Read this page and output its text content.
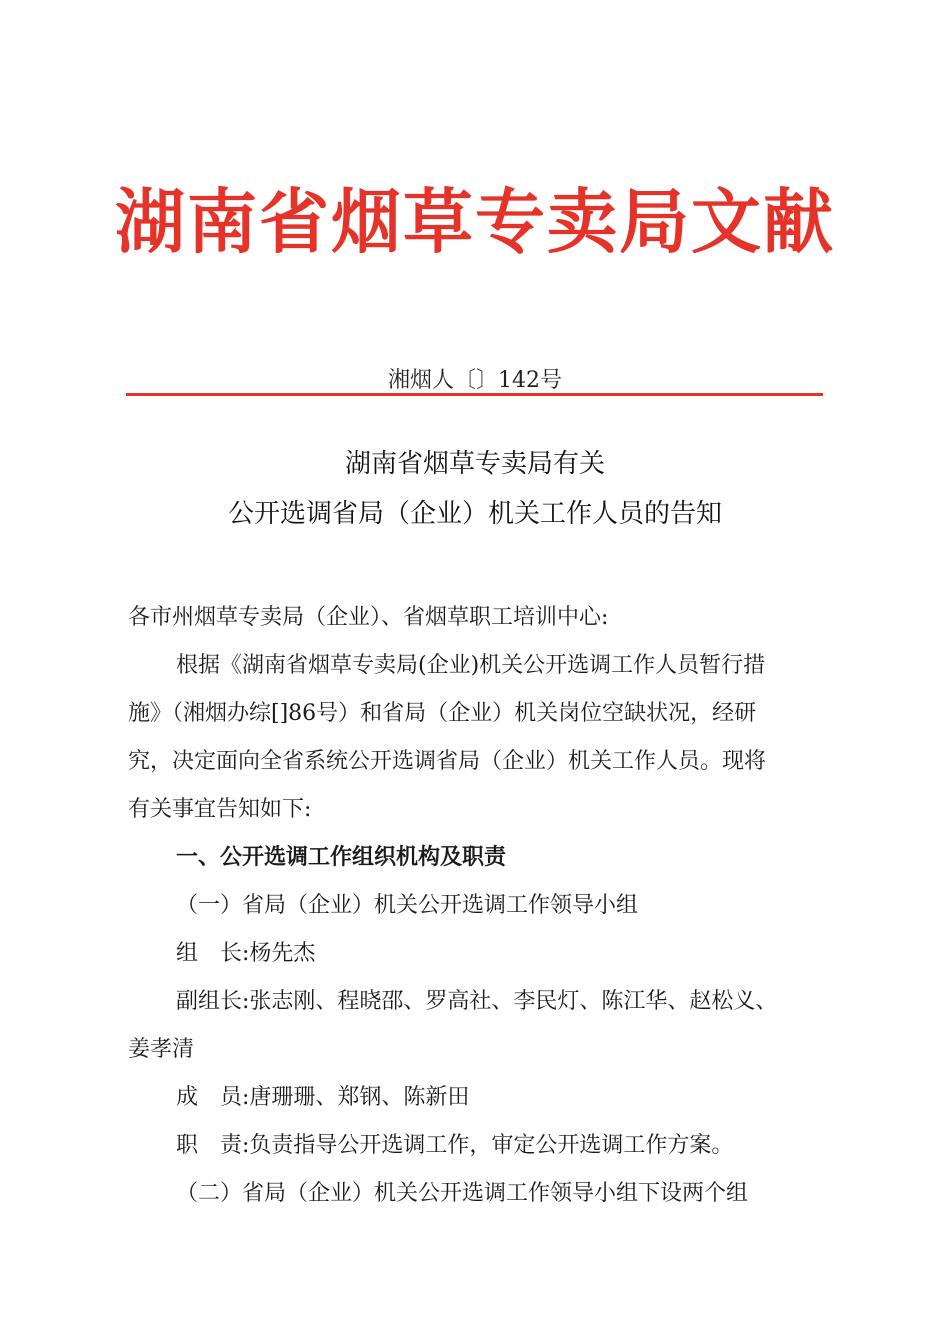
湖南省烟草专卖局文献
湘烟人〔〕142号
湖南省烟草专卖局有关
公开选调省局（企业）机关工作人员的告知
各市州烟草专卖局（企业）、省烟草职工培训中心:
根据《湖南省烟草专卖局(企业)机关公开选调工作人员暂行措
施》（湘烟办综[]86号）和省局（企业）机关岗位空缺状况，经研
究，决定面向全省系统公开选调省局（企业）机关工作人员。现将
有关事宜告知如下:
一、公开选调工作组织机构及职责
（一）省局（企业）机关公开选调工作领导小组
组　长:杨先杰
副组长:张志刚、程晓邵、罗高社、李民灯、陈江华、赵松义、
姜孝清
成　员:唐珊珊、郑钢、陈新田
职　责:负责指导公开选调工作，审定公开选调工作方案。
（二）省局（企业）机关公开选调工作领导小组下设两个组
